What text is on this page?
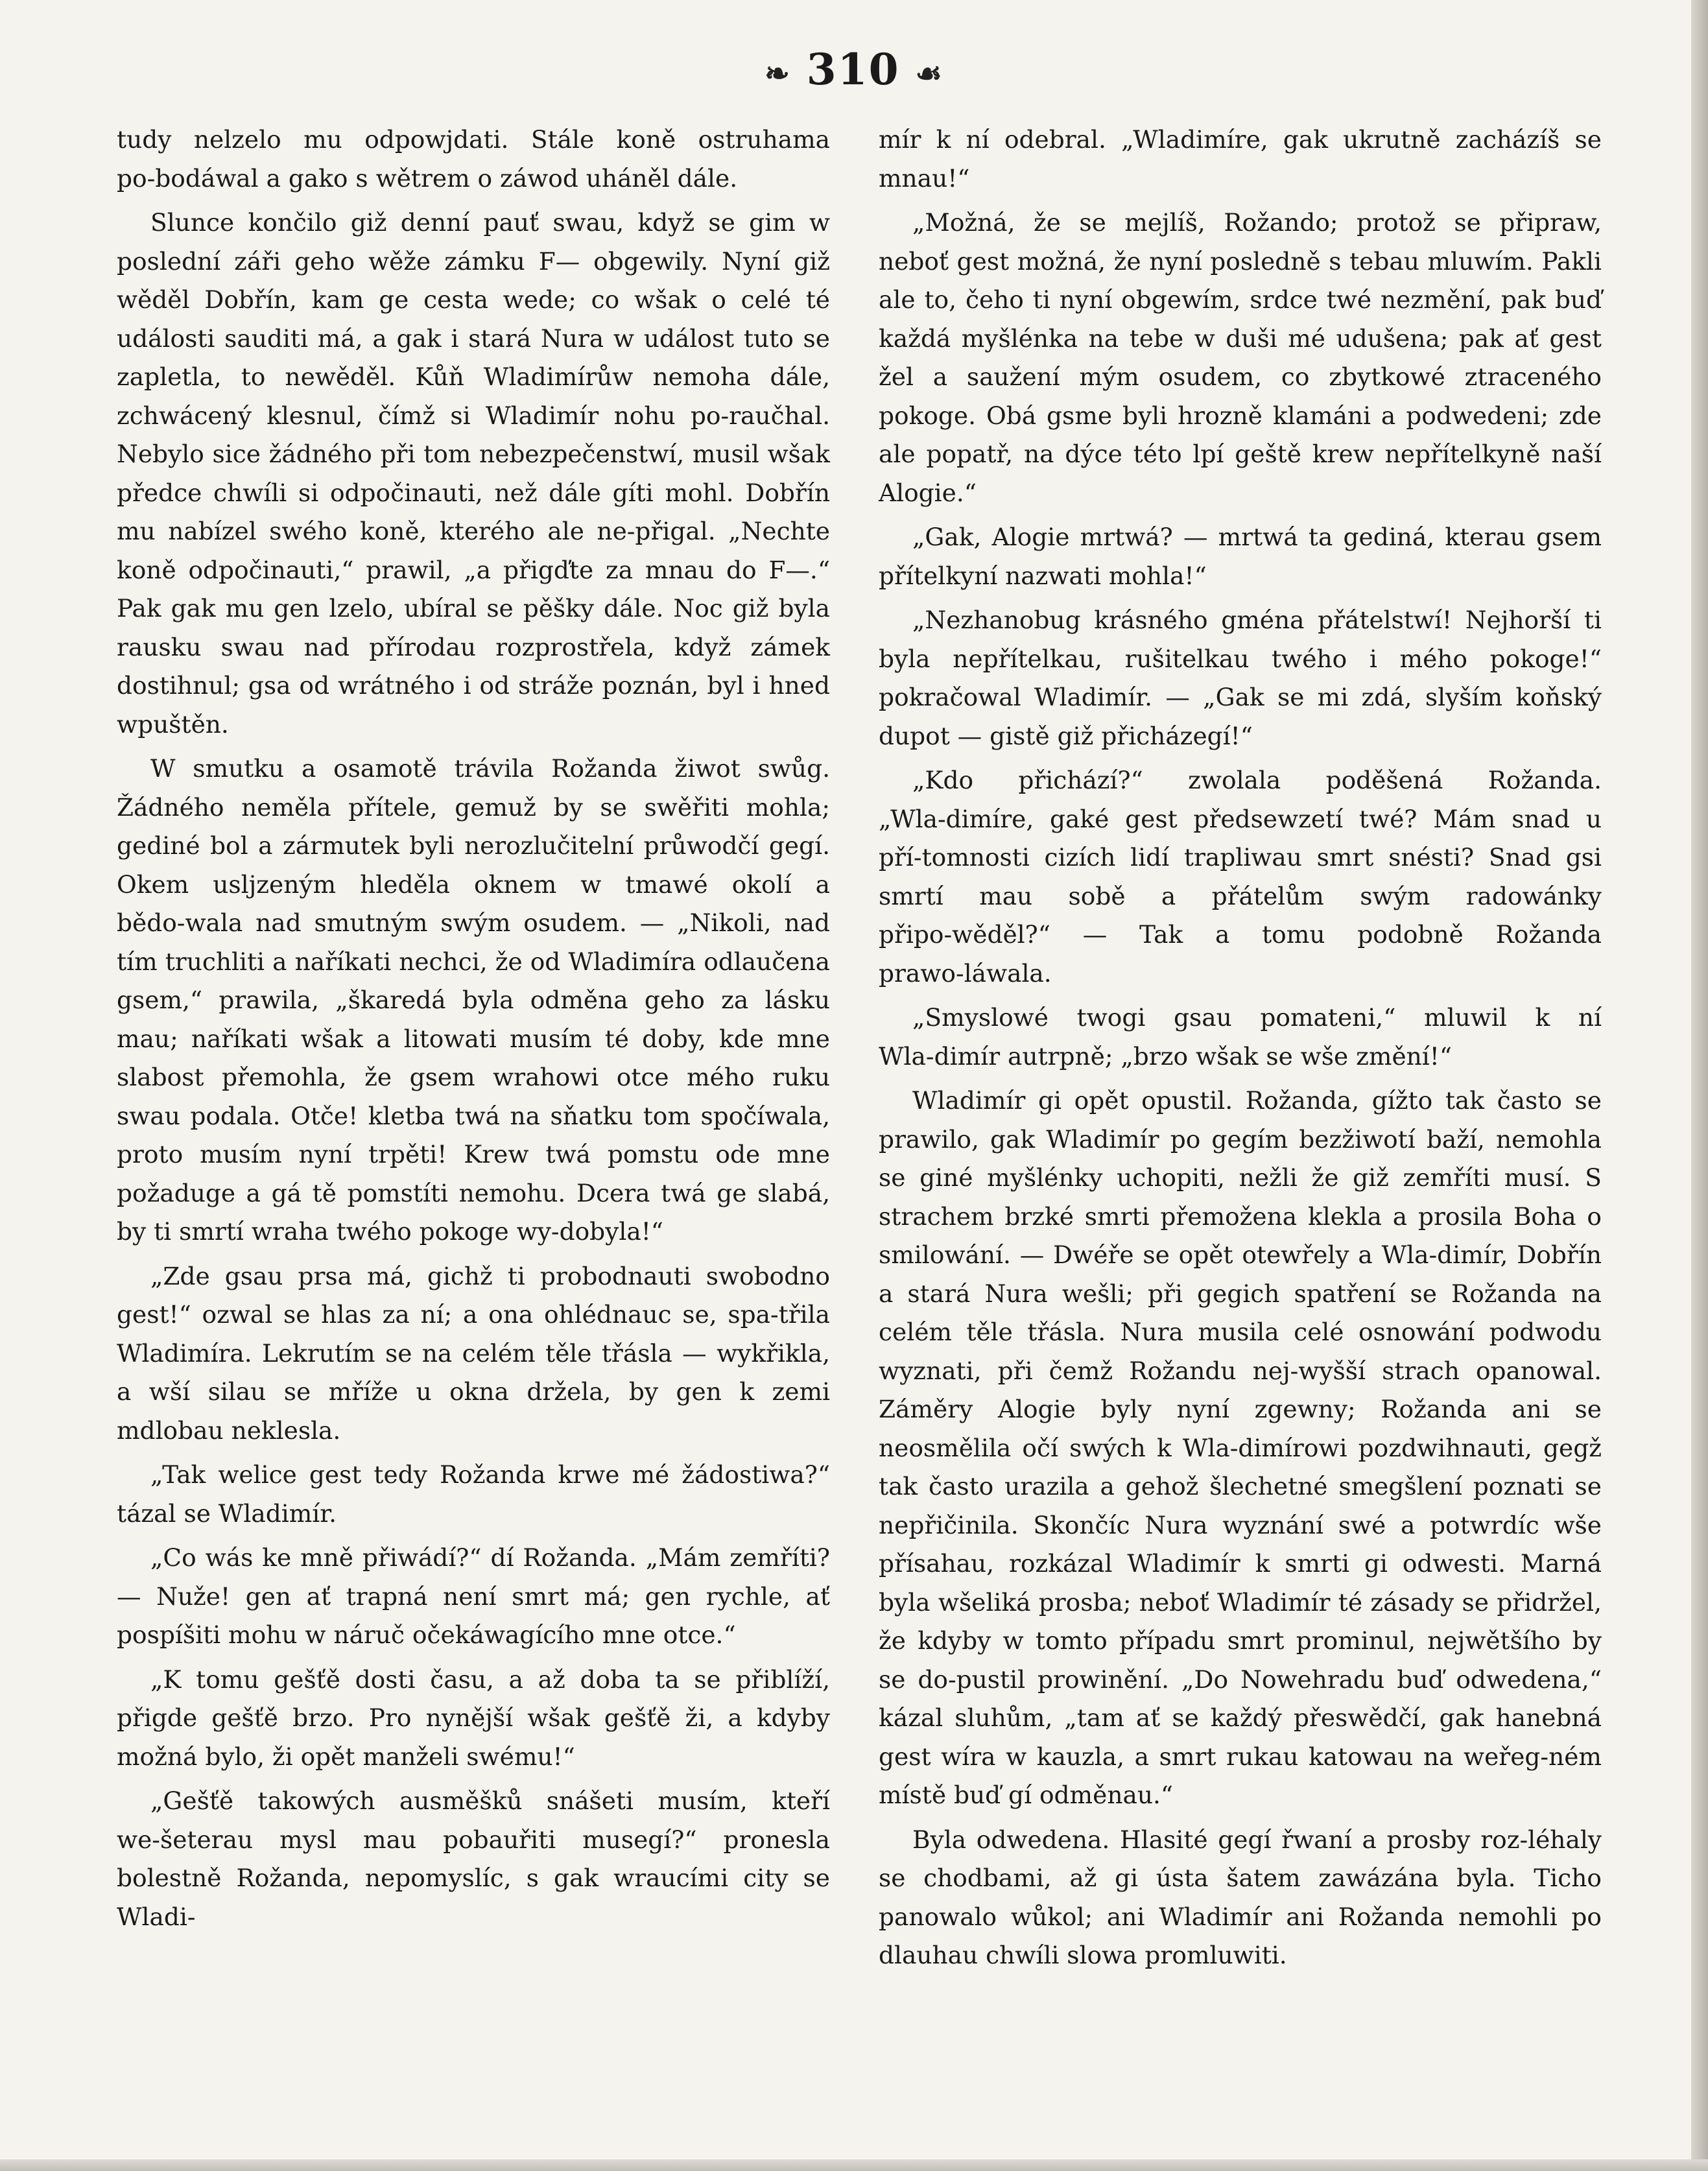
❧ 310 ☙

tudy nelzelo mu odpowjdati. Stále koně ostruhama po‑bodáwal a gako s wětrem o záwod uháněl dále.

Slunce končilo giž denní pauť swau, když se gim w poslední záři geho wěže zámku F— obgewily. Nyní giž wěděl Dobřín, kam ge cesta wede; co wšak o celé té události sauditi má, a gak i stará Nura w událost tuto se zapletla, to newěděl. Kůň Wladimírůw nemoha dále, zchwácený klesnul, čímž si Wladimír nohu po‑raučhal. Nebylo sice žádného při tom nebezpečenstwí, musil wšak předce chwíli si odpočinauti, než dále gíti mohl. Dobřín mu nabízel swého koně, kterého ale ne‑přigal. „Nechte koně odpočinauti,“ prawil, „a přigďte za mnau do F—.“ Pak gak mu gen lzelo, ubíral se pěšky dále. Noc giž byla rausku swau nad přírodau rozprostřela, když zámek dostihnul; gsa od wrátného i od stráže poznán, byl i hned wpuštěn.

W smutku a osamotě trávila Rožanda žiwot swůg. Žádného neměla přítele, gemuž by se swěřiti mohla; gediné bol a zármutek byli nerozlučitelní průwodčí gegí. Okem usljzeným hleděla oknem w tmawé okolí a bědo‑wala nad smutným swým osudem. — „Nikoli, nad tím truchliti a naříkati nechci, že od Wladimíra odlaučena gsem,“ prawila, „škaredá byla odměna geho za lásku mau; naříkati wšak a litowati musím té doby, kde mne slabost přemohla, že gsem wrahowi otce mého ruku swau podala. Otče! kletba twá na sňatku tom spočíwala, proto musím nyní trpěti! Krew twá pomstu ode mne požaduge a gá tě pomstíti nemohu. Dcera twá ge slabá, by ti smrtí wraha twého pokoge wy‑dobyla!“

„Zde gsau prsa má, gichž ti probodnauti swobodno gest!“ ozwal se hlas za ní; a ona ohlédnauc se, spa‑třila Wladimíra. Lekrutím se na celém těle třásla — wykřikla, a wší silau se mříže u okna držela, by gen k zemi mdlobau neklesla.

„Tak welice gest tedy Rožanda krwe mé žádostiwa?“ tázal se Wladimír.

„Co wás ke mně přiwádí?“ dí Rožanda. „Mám zemříti? — Nuže! gen ať trapná není smrt má; gen rychle, ať pospíšiti mohu w náruč očekáwagícího mne otce.“

„K tomu gešťě dosti času, a až doba ta se přiblíží, přigde gešťě brzo. Pro nynější wšak gešťě ži, a kdyby možná bylo, ži opět manželi swému!“

„Gešťě takowých ausměšků snášeti musím, kteří we‑šeterau mysl mau pobauřiti musegí?“ pronesla bolestně Rožanda, nepomyslíc, s gak wraucími city se Wladi‑

mír k ní odebral. „Wladimíre, gak ukrutně zacházíš se mnau!“

„Možná, že se mejlíš, Rožando; protož se připraw, neboť gest možná, že nyní posledně s tebau mluwím. Pakli ale to, čeho ti nyní obgewím, srdce twé nezmění, pak buď každá myšlénka na tebe w duši mé udušena; pak ať gest žel a saužení mým osudem, co zbytkowé ztraceného pokoge. Obá gsme byli hrozně klamáni a podwedeni; zde ale popatř, na dýce této lpí geště krew nepřítelkyně naší Alogie.“

„Gak, Alogie mrtwá? — mrtwá ta gediná, kterau gsem přítelkyní nazwati mohla!“

„Nezhanobug krásného gména přátelstwí! Nejhorší ti byla nepřítelkau, rušitelkau twého i mého pokoge!“ pokračowal Wladimír. — „Gak se mi zdá, slyším koňský dupot — gistě giž přicházegí!“

„Kdo přichází?“ zwolala poděšená Rožanda. „Wla‑dimíre, gaké gest předsewzetí twé? Mám snad u pří‑tomnosti cizích lidí trapliwau smrt snésti? Snad gsi smrtí mau sobě a přátelům swým radowánky připo‑wěděl?“ — Tak a tomu podobně Rožanda prawo‑láwala.

„Smyslowé twogi gsau pomateni,“ mluwil k ní Wla‑dimír autrpně; „brzo wšak se wše změní!“

Wladimír gi opět opustil. Rožanda, gížto tak často se prawilo, gak Wladimír po gegím bezžiwotí baží, nemohla se giné myšlénky uchopiti, nežli že giž zemříti musí. S strachem brzké smrti přemožena klekla a prosila Boha o smilowání. — Dwéře se opět otewřely a Wla‑dimír, Dobřín a stará Nura wešli; při gegich spatření se Rožanda na celém těle třásla. Nura musila celé osnowání podwodu wyznati, při čemž Rožandu nej‑wyšší strach opanowal. Záměry Alogie byly nyní zgewny; Rožanda ani se neosmělila očí swých k Wla‑dimírowi pozdwihnauti, gegž tak často urazila a gehož šlechetné smegšlení poznati se nepřičinila. Skončíc Nura wyznání swé a potwrdíc wše přísahau, rozkázal Wladimír k smrti gi odwesti. Marná byla wšeliká prosba; neboť Wladimír té zásady se přidržel, že kdyby w tomto případu smrt prominul, nejwětšího by se do‑pustil prowinění. „Do Nowehradu buď odwedena,“ kázal sluhům, „tam ať se každý přeswědčí, gak hanebná gest wíra w kauzla, a smrt rukau katowau na weřeg‑ném místě buď gí odměnau.“

Byla odwedena. Hlasité gegí řwaní a prosby roz‑léhaly se chodbami, až gi ústa šatem zawázána byla. Ticho panowalo wůkol; ani Wladimír ani Rožanda nemohli po dlauhau chwíli slowa promluwiti.
